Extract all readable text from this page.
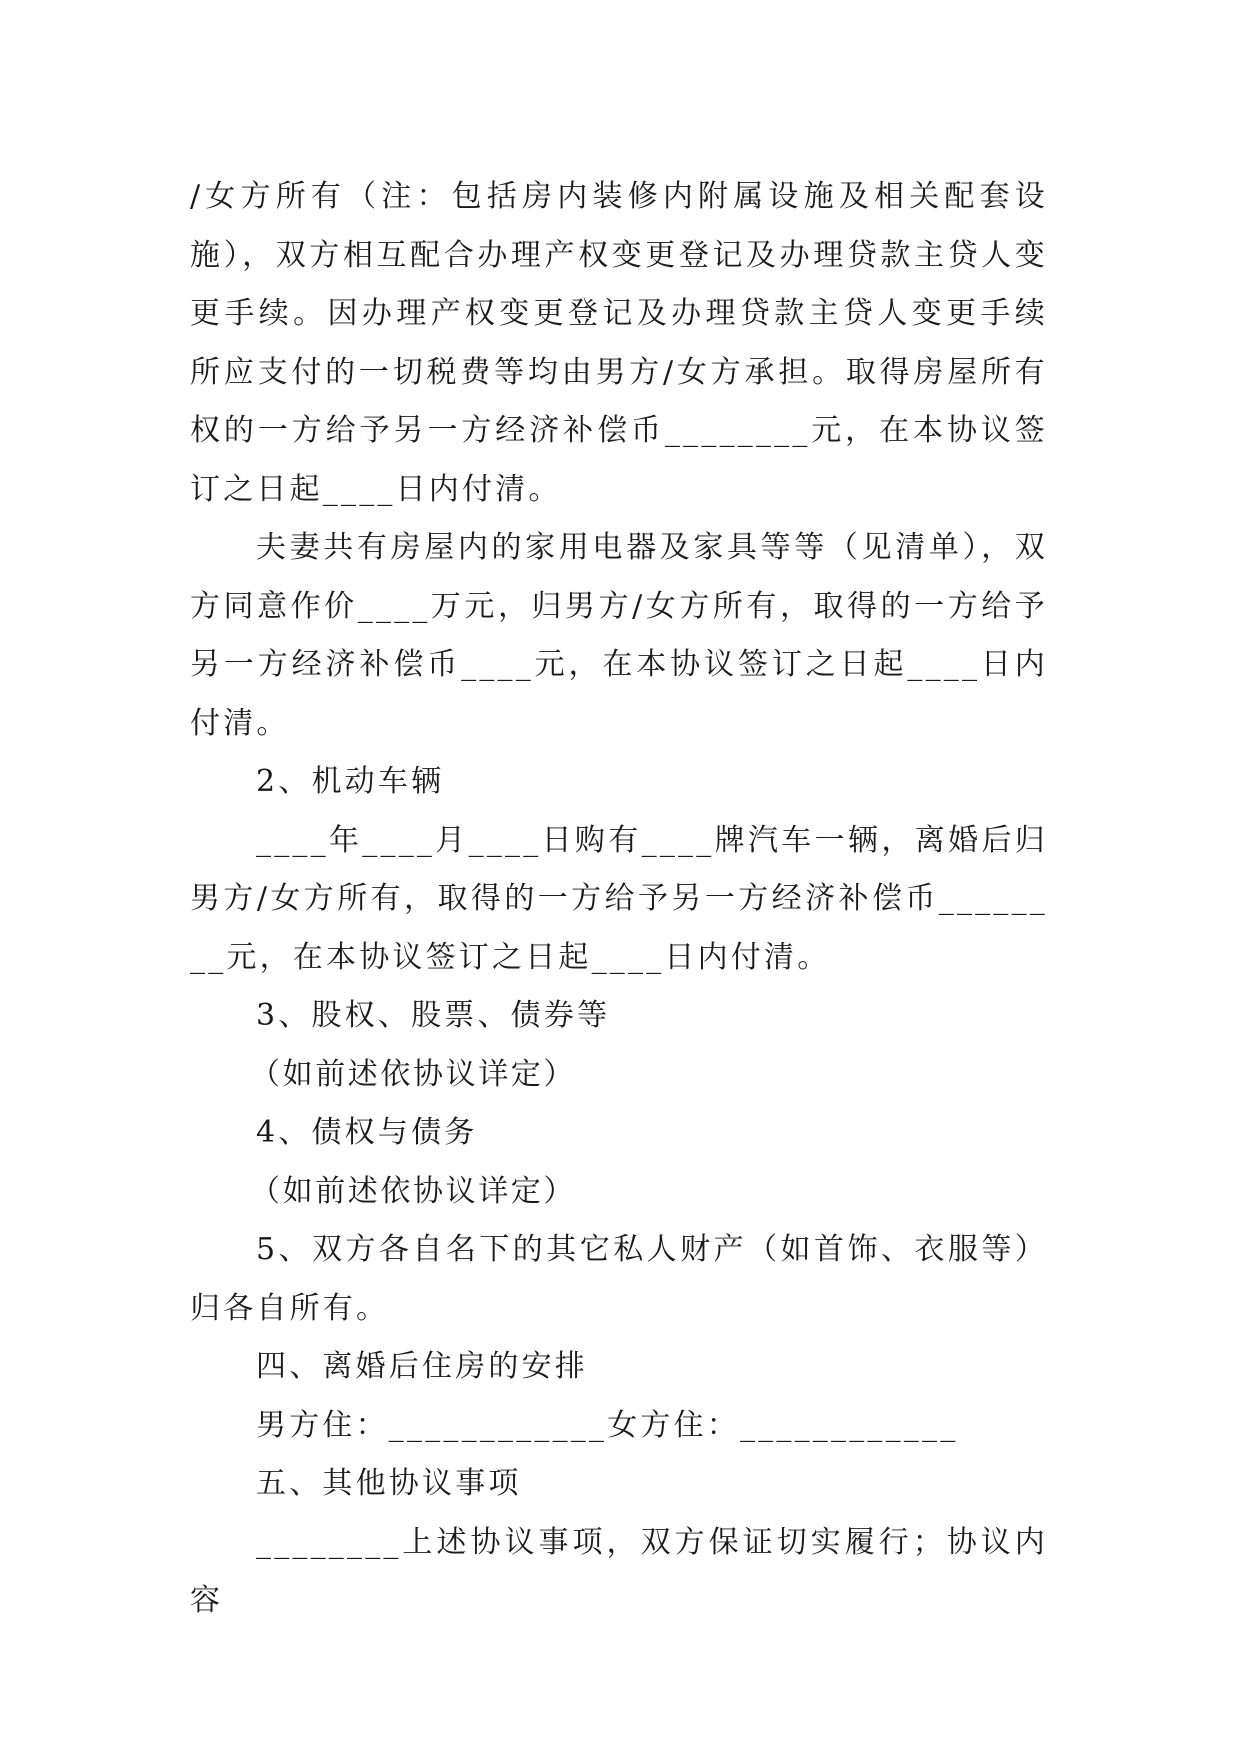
/女方所有（注：包括房内装修内附属设施及相关配套设施），双方相互配合办理产权变更登记及办理贷款主贷人变更手续。因办理产权变更登记及办理贷款主贷人变更手续所应支付的一切税费等均由男方/女方承担。取得房屋所有权的一方给予另一方经济补偿币________元，在本协议签订之日起____日内付清。

夫妻共有房屋内的家用电器及家具等等（见清单），双方同意作价____万元，归男方/女方所有，取得的一方给予另一方经济补偿币____元，在本协议签订之日起____日内付清。

2、机动车辆

____年____月____日购有____牌汽车一辆，离婚后归男方/女方所有，取得的一方给予另一方经济补偿币________元，在本协议签订之日起____日内付清。

3、股权、股票、债券等

（如前述依协议详定）

4、债权与债务

（如前述依协议详定）

5、双方各自名下的其它私人财产（如首饰、衣服等）归各自所有。

四、离婚后住房的安排

男方住：____________女方住：____________

五、其他协议事项

________上述协议事项，双方保证切实履行；协议内容
